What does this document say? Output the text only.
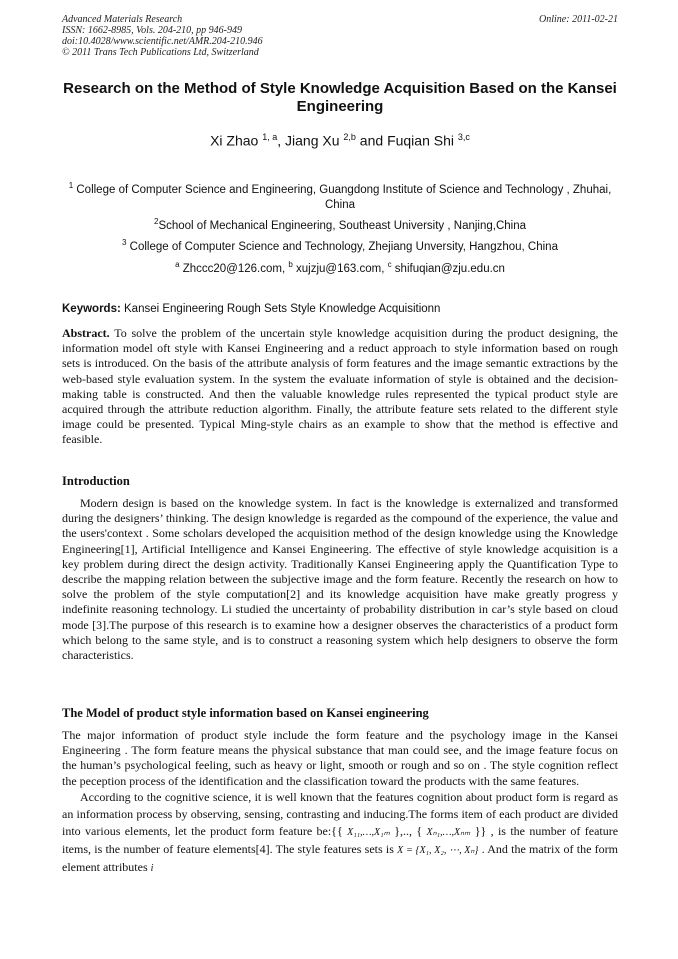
Advanced Materials Research
ISSN: 1662-8985, Vols. 204-210, pp 946-949
doi:10.4028/www.scientific.net/AMR.204-210.946
© 2011 Trans Tech Publications Ltd, Switzerland
Online: 2011-02-21
Research on the Method of Style Knowledge Acquisition Based on the Kansei Engineering
Xi Zhao $^{1, a}$, Jiang Xu $^{2,b}$ and Fuqian Shi $^{3,c}$
$^1$ College of Computer Science and Engineering, Guangdong Institute of Science and Technology , Zhuhai, China
$^2$School of Mechanical Engineering, Southeast University , Nanjing,China
$^3$ College of Computer Science and Technology, Zhejiang Unversity, Hangzhou, China
$^a$ Zhccc20@126.com, $^b$ xujzju@163.com, $^c$ shifuqian@zju.edu.cn
Keywords: Kansei Engineering Rough Sets Style Knowledge Acquisitionn

Abstract. To solve the problem of the uncertain style knowledge acquisition during the product designing, the information model oft style with Kansei Engineering and a reduct approach to style information based on rough sets is introduced. On the basis of the attribute analysis of form features and the image semantic extractions by the web-based style evaluation system. In the system the evaluate information of style is obtained and the decision-making table is constructed. And then the valuable knowledge rules represented the typical product style are acquired through the attribute reduction algorithm. Finally, the attribute feature sets related to the different style image could be presented. Typical Ming-style chairs as an example to show that the method is effective and feasible.

Introduction

Modern design is based on the knowledge system. In fact is the knowledge is externalized and transformed during the designers’ thinking. The design knowledge is regarded as the compound of the experience, the value and the users'context . Some scholars developed the acquisition method of the design knowledge using the Knowledge Engineering[1], Artificial Intelligence and Kansei Engineering. The effective of style knowledge acquisition is a key problem during direct the design activity. Traditionally Kansei Engineering apply the Quantification Type to describe the mapping relation between the subjective image and the form feature. Recently the research on how to solve the problem of the style computation[2] and its knowledge acquisition have make greatly progress y indefinite reasoning technology. Li studied the uncertainty of probability distribution in car’s style based on cloud mode [3].The purpose of this research is to examine how a designer observes the characteristics of a product form which belong to the same style, and is to construct a reasoning system which help designers to observe the form characteristics.

The Model of product style information based on Kansei engineering

The major information of product style include the form feature and the psychology image in the Kansei Engineering . The form feature means the physical substance that man could see, and the image feature focus on the human’s psychological feeling, such as heavy or light, smooth or rough and so on . The style cognition reflect the peception process of the identification and the classification toward the products with the same features.

According to the cognitive science, it is well known that the features cognition about product form is regard as an information process by observing, sensing, contrasting and inducing.The forms item of each product are divided into various elements, let the product form feature be:{{ X₁₁,…,X₁ₘ },.., { Xₙ₁,…,Xₙₘ }} , is the number of feature items, is the number of feature elements[4]. The style features sets is X = {X₁, X₂, ⋯, Xₙ} . And the matrix of the form element attributes i
